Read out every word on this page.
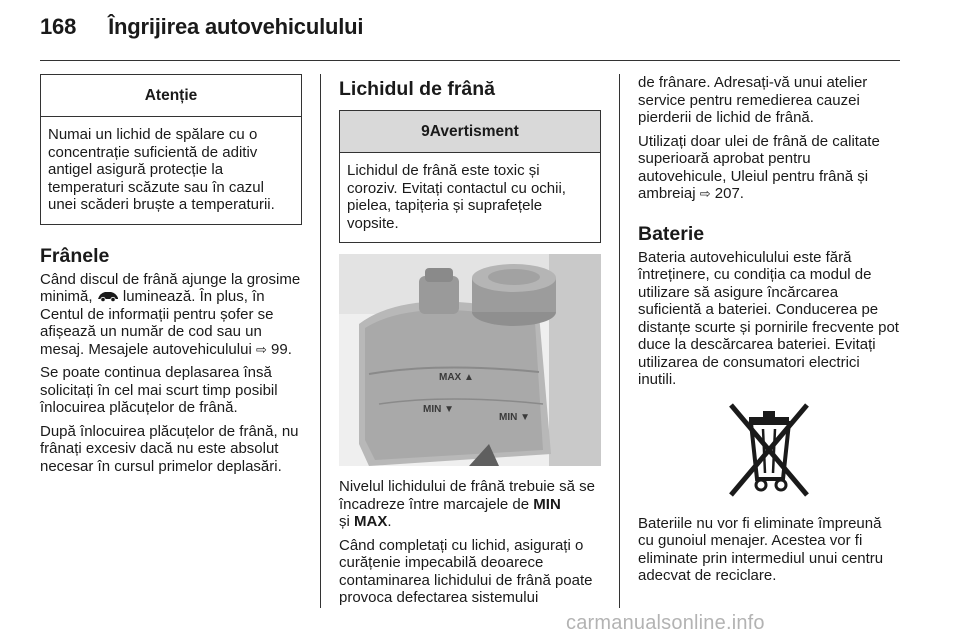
168 Îngrijirea autovehiculului
Atenție
Numai un lichid de spălare cu o concentrație suficientă de aditiv antigel asigură protecție la temperaturi scăzute sau în cazul unei scăderi bruște a temperaturii.
Frânele

Când discul de frână ajunge la grosime minimă, luminează. În plus, în Centul de informații pentru șofer se afișează un număr de cod sau un mesaj. Mesajele autovehiculului ⇨ 99.

Se poate continua deplasarea însă solicitați în cel mai scurt timp posibil înlocuirea plăcuțelor de frână.

După înlocuirea plăcuțelor de frână, nu frânați excesiv dacă nu este absolut necesar în cursul primelor deplasări.

Lichidul de frână
9 Avertisment
Lichidul de frână este toxic și coroziv. Evitați contactul cu ochii, pielea, tapițeria și suprafețele vopsite.
MAX ▲
MIN ▼
MIN ▼

Nivelul lichidului de frână trebuie să se încadreze între marcajele de MIN
și MAX.

Când completați cu lichid, asigurați o curățenie impecabilă deoarece contaminarea lichidului de frână poate provoca defectarea sistemului

de frânare. Adresați-vă unui atelier service pentru remedierea cauzei pierderii de lichid de frână.

Utilizați doar ulei de frână de calitate superioară aprobat pentru autovehicule, Uleiul pentru frână și ambreiaj ⇨ 207.

Baterie

Bateria autovehiculului este fără întreținere, cu condiția ca modul de utilizare să asigure încărcarea suficientă a bateriei. Conducerea pe distanțe scurte și pornirile frecvente pot duce la descărcarea bateriei. Evitați utilizarea de consumatori electrici inutili.

Bateriile nu vor fi eliminate împreună cu gunoiul menajer. Acestea vor fi eliminate prin intermediul unui centru adecvat de reciclare.

carmanualsonline.info
